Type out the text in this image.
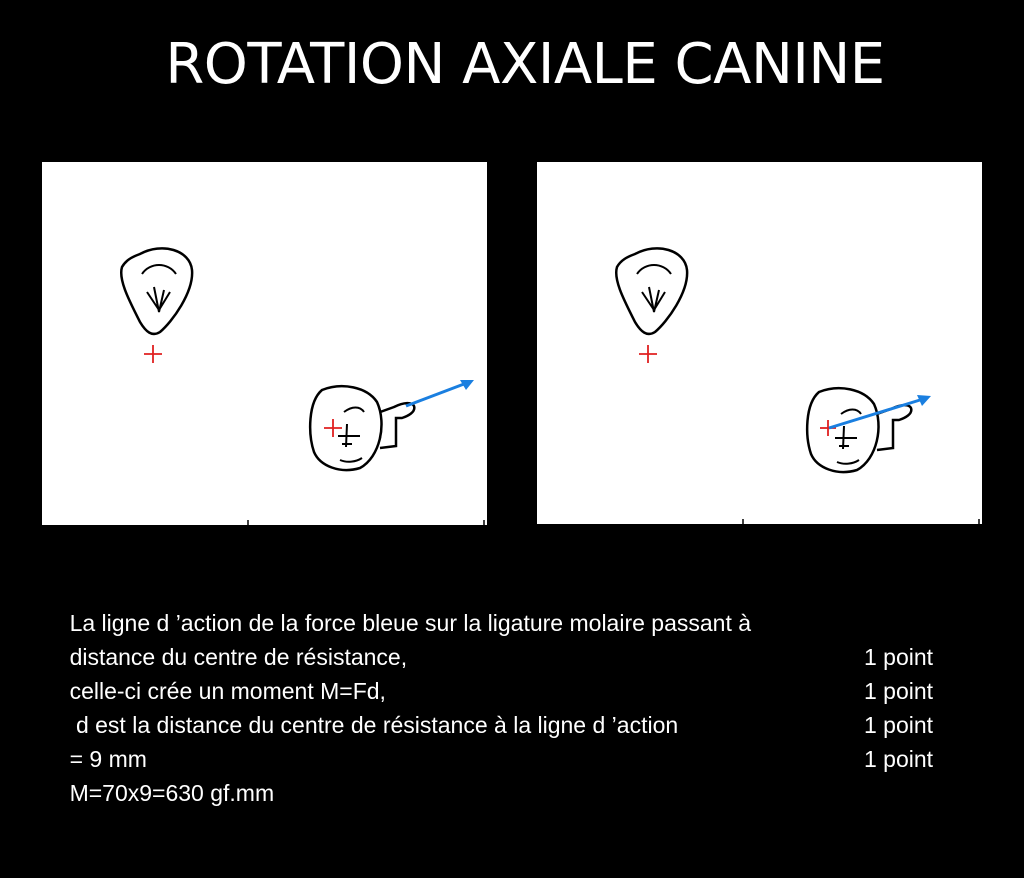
ROTATION AXIALE CANINE

La ligne d ’action de la force bleue sur la ligature molaire passant à

distance du centre de résistance,

celle-ci crée un moment M=Fd,

1 point

d est la distance du centre de résistance à la ligne d ’action

1 point

= 9 mm

1 point

M=70x9=630 gf.mm

1 point
